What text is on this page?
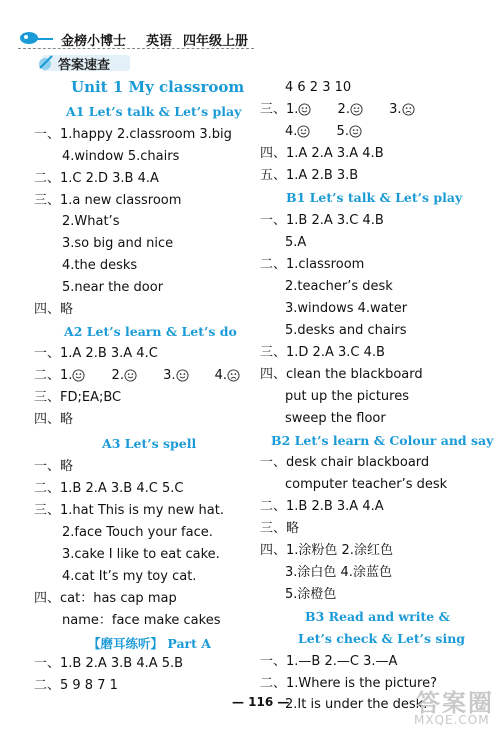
金榜小博士 英语 四年级上册
答案速查
Unit 1 My classroom
A1 Let’s talk & Let’s play
一、1.happy 2.classroom 3.big
4.window 5.chairs
二、1.C 2.D 3.B 4.A
三、1.a new classroom
2.What’s
3.so big and nice
4.the desks
5.near the door
四、略
A2 Let’s learn & Let’s do
一、1.A 2.B 3.A 4.C
二、1.	2.	3.	4.
三、FD;EA;BC
四、略
A3 Let’s spell
一、略
二、1.B 2.A 3.B 4.C 5.C
三、1.hat This is my new hat.
2.face Touch your face.
3.cake I like to eat cake.
4.cat It’s my toy cat.
四、cat：has cap map
name：face make cakes
【磨耳练听】 Part A
一、1.B 2.A 3.B 4.A 5.B
二、5 9 8 7 1
4 6 2 3 10
三、1.	2.	3.
4.	5.
四、1.A 2.A 3.A 4.B
五、1.A 2.B 3.B
B1 Let’s talk & Let’s play
一、1.B 2.A 3.C 4.B
5.A
二、1.classroom
2.teacher’s desk
3.windows 4.water
5.desks and chairs
三、1.D 2.A 3.C 4.B
四、clean the blackboard
put up the pictures
sweep the floor
B2 Let’s learn & Colour and say
一、desk chair blackboard
computer teacher’s desk
二、1.B 2.B 3.A 4.A
三、略
四、1.涂粉色 2.涂红色
3.涂白色 4.涂蓝色
5.涂橙色
B3 Read and write &
Let’s check & Let’s sing
一、1.—B 2.—C 3.—A
二、1.Where is the picture?
2.It is under the desk.
— 116 —	答案圈
MXQE.COM
